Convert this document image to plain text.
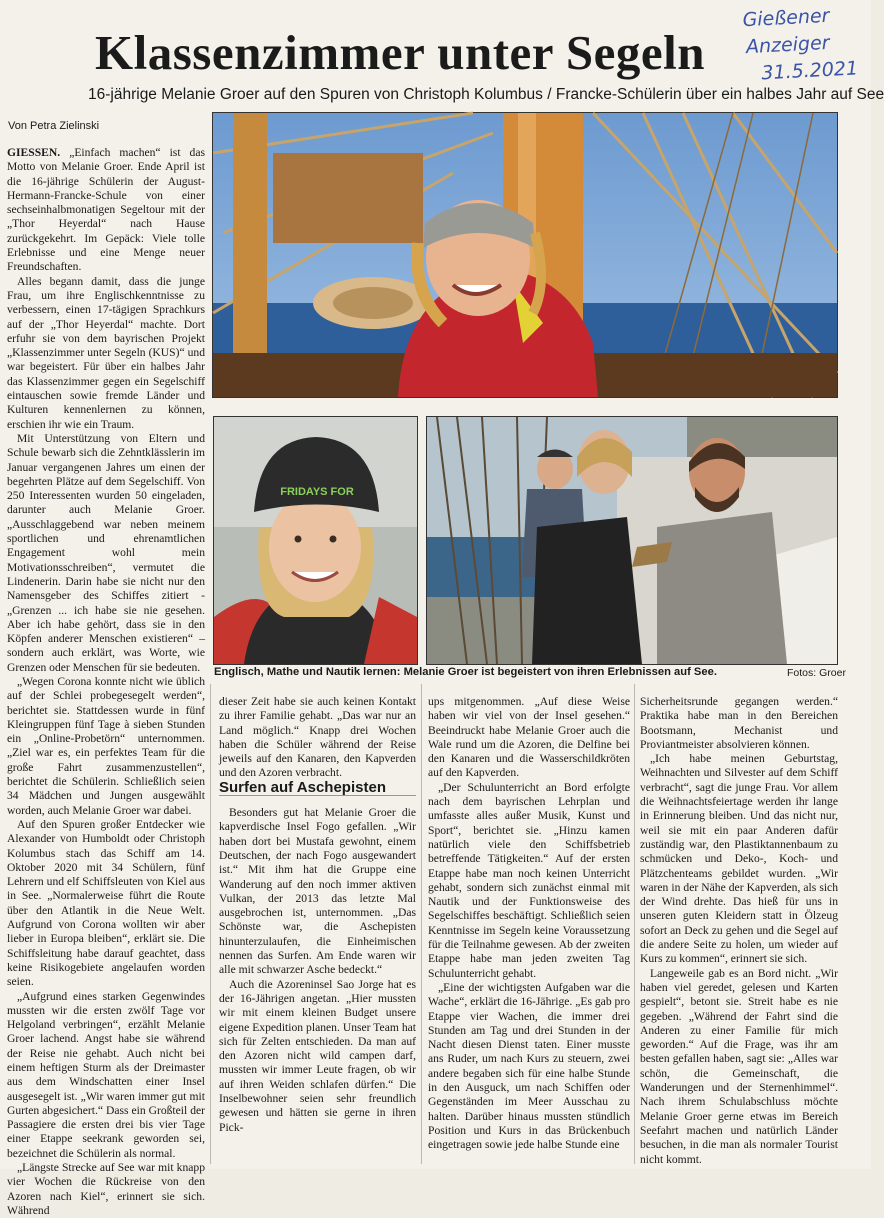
Gießener
Anzeiger
31.5.2021
Klassenzimmer unter Segeln
16-jährige Melanie Groer auf den Spuren von Christoph Kolumbus / Francke-Schülerin über ein halbes Jahr auf See
Von Petra Zielinski

GIESSEN. „Einfach machen“ ist das Motto von Melanie Groer. Ende April ist die 16-jährige Schülerin der August-Hermann-Francke-Schule von einer sechseinhalbmonatigen Segeltour mit der „Thor Heyerdal“ nach Hause zurückgekehrt. Im Gepäck: Viele tolle Erlebnisse und eine Menge neuer Freundschaften.

Alles begann damit, dass die junge Frau, um ihre Englischkenntnisse zu verbessern, einen 17-tägigen Sprachkurs auf der „Thor Heyerdal“ machte. Dort erfuhr sie von dem bayrischen Projekt „Klassenzimmer unter Segeln (KUS)“ und war begeistert. Für über ein halbes Jahr das Klassenzimmer gegen ein Segelschiff eintauschen sowie fremde Länder und Kulturen kennenlernen zu können, erschien ihr wie ein Traum.

Mit Unterstützung von Eltern und Schule bewarb sich die Zehntklässlerin im Januar vergangenen Jahres um einen der begehrten Plätze auf dem Segelschiff. Von 250 Interessenten wurden 50 eingeladen, darunter auch Melanie Groer. „Ausschlaggebend war neben meinem sportlichen und ehrenamtlichen Engagement wohl mein Motivationsschreiben“, vermutet die Lindenerin. Darin habe sie nicht nur den Namensgeber des Schiffes zitiert - „Grenzen ... ich habe sie nie gesehen. Aber ich habe gehört, dass sie in den Köpfen anderer Menschen existieren“ – sondern auch erklärt, was Worte, wie Grenzen oder Menschen für sie bedeuten.

„Wegen Corona konnte nicht wie üblich auf der Schlei probegesegelt werden“, berichtet sie. Stattdessen wurde in fünf Kleingruppen fünf Tage à sieben Stunden ein „Online-Probetörn“ unternommen. „Ziel war es, ein perfektes Team für die große Fahrt zusammenzustellen“, berichtet die Schülerin. Schließlich seien 34 Mädchen und Jungen ausgewählt worden, auch Melanie Groer war dabei.

Auf den Spuren großer Entdecker wie Alexander von Humboldt oder Christoph Kolumbus stach das Schiff am 14. Oktober 2020 mit 34 Schülern, fünf Lehrern und elf Schiffsleuten von Kiel aus in See. „Normalerweise führt die Route über den Atlantik in die Neue Welt. Aufgrund von Corona wollten wir aber lieber in Europa bleiben“, erklärt sie. Die Schiffsleitung habe darauf geachtet, dass keine Risikogebiete angelaufen worden seien.

„Aufgrund eines starken Gegenwindes mussten wir die ersten zwölf Tage vor Helgoland verbringen“, erzählt Melanie Groer lachend. Angst habe sie während der Reise nie gehabt. Auch nicht bei einem heftigen Sturm als der Dreimaster aus dem Windschatten einer Insel ausgesegelt ist. „Wir waren immer gut mit Gurten abgesichert.“ Dass ein Großteil der Passagiere die ersten drei bis vier Tage einer Etappe seekrank geworden sei, bezeichnet die Schülerin als normal.

„Längste Strecke auf See war mit knapp vier Wochen die Rückreise von den Azoren nach Kiel“, erinnert sie sich. Während

FRIDAYS FOR
Englisch, Mathe und Nautik lernen: Melanie Groer ist begeistert von ihren Erlebnissen auf See.	Fotos: Groer

dieser Zeit habe sie auch keinen Kontakt zu ihrer Familie gehabt. „Das war nur an Land möglich.“ Knapp drei Wochen haben die Schüler während der Reise jeweils auf den Kanaren, den Kapverden und den Azoren verbracht.

Surfen auf Aschepisten

Besonders gut hat Melanie Groer die kapverdische Insel Fogo gefallen. „Wir haben dort bei Mustafa gewohnt, einem Deutschen, der nach Fogo ausgewandert ist.“ Mit ihm hat die Gruppe eine Wanderung auf den noch immer aktiven Vulkan, der 2013 das letzte Mal ausgebrochen ist, unternommen. „Das Schönste war, die Aschepisten hinunterzulaufen, die Einheimischen nennen das Surfen. Am Ende waren wir alle mit schwarzer Asche bedeckt.“

Auch die Azoreninsel Sao Jorge hat es der 16-Jährigen angetan. „Hier mussten wir mit einem kleinen Budget unsere eigene Expedition planen. Unser Team hat sich für Zelten entschieden. Da man auf den Azoren nicht wild campen darf, mussten wir immer Leute fragen, ob wir auf ihren Weiden schlafen dürfen.“ Die Inselbewohner seien sehr freundlich gewesen und hätten sie gerne in ihren Pick-

ups mitgenommen. „Auf diese Weise haben wir viel von der Insel gesehen.“ Beeindruckt habe Melanie Groer auch die Wale rund um die Azoren, die Delfine bei den Kanaren und die Wasserschildkröten auf den Kapverden.

„Der Schulunterricht an Bord erfolgte nach dem bayrischen Lehrplan und umfasste alles außer Musik, Kunst und Sport“, berichtet sie. „Hinzu kamen natürlich viele den Schiffsbetrieb betreffende Tätigkeiten.“ Auf der ersten Etappe habe man noch keinen Unterricht gehabt, sondern sich zunächst einmal mit Nautik und der Funktionsweise des Segelschiffes beschäftigt. Schließlich seien Kenntnisse im Segeln keine Voraussetzung für die Teilnahme gewesen. Ab der zweiten Etappe habe man jeden zweiten Tag Schulunterricht gehabt.

„Eine der wichtigsten Aufgaben war die Wache“, erklärt die 16-Jährige. „Es gab pro Etappe vier Wachen, die immer drei Stunden am Tag und drei Stunden in der Nacht diesen Dienst taten. Einer musste ans Ruder, um nach Kurs zu steuern, zwei andere begaben sich für eine halbe Stunde in den Ausguck, um nach Schiffen oder Gegenständen im Meer Ausschau zu halten. Darüber hinaus mussten stündlich Position und Kurs in das Brückenbuch eingetragen sowie jede halbe Stunde eine

Sicherheitsrunde gegangen werden.“ Praktika habe man in den Bereichen Bootsmann, Mechanist und Proviantmeister absolvieren können.

„Ich habe meinen Geburtstag, Weihnachten und Silvester auf dem Schiff verbracht“, sagt die junge Frau. Vor allem die Weihnachtsfeiertage werden ihr lange in Erinnerung bleiben. Und das nicht nur, weil sie mit ein paar Anderen dafür zuständig war, den Plastiktannenbaum zu schmücken und Deko-, Koch- und Plätzchenteams gebildet wurden. „Wir waren in der Nähe der Kapverden, als sich der Wind drehte. Das hieß für uns in unseren guten Kleidern statt in Ölzeug sofort an Deck zu gehen und die Segel auf die andere Seite zu holen, um wieder auf Kurs zu kommen“, erinnert sie sich.

Langeweile gab es an Bord nicht. „Wir haben viel geredet, gelesen und Karten gespielt“, betont sie. Streit habe es nie gegeben. „Während der Fahrt sind die Anderen zu einer Familie für mich geworden.“ Auf die Frage, was ihr am besten gefallen haben, sagt sie: „Alles war schön, die Gemeinschaft, die Wanderungen und der Sternenhimmel“. Nach ihrem Schulabschluss möchte Melanie Groer gerne etwas im Bereich Seefahrt machen und natürlich Länder besuchen, in die man als normaler Tourist nicht kommt.
